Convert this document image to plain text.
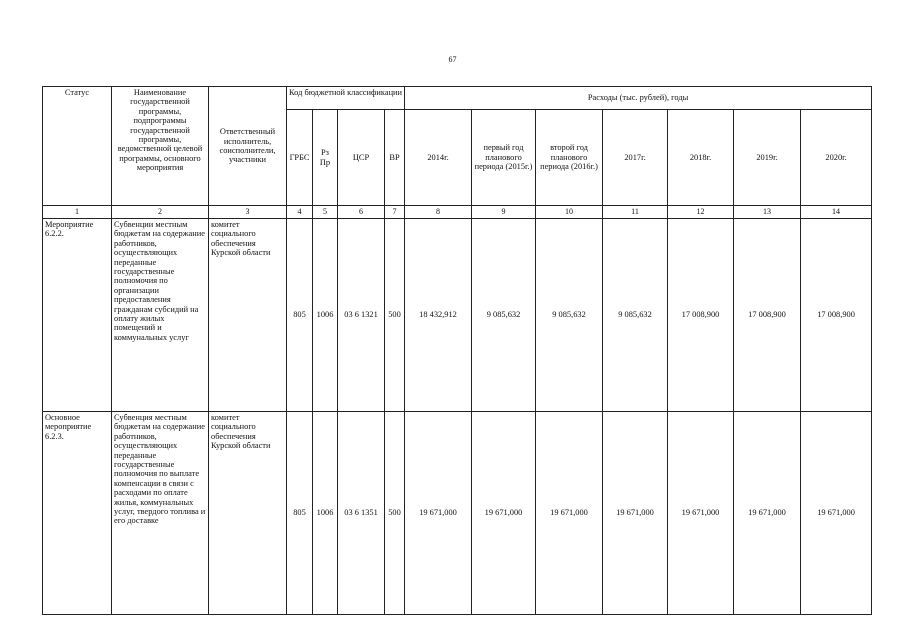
67
Статус	Наименование государственной программы, подпрограммы государственной программы, ведомственной целевой программы, основного мероприятия	Ответственный исполнитель, соисполнители, участники	Код бюджетной классификации				Расходы (тыс. рублей), годы						
			ГРБС	Рз Пр	ЦСР	ВР	2014г.	первый год планового периода (2015г.)	второй год планового периода (2016г.)	2017г.	2018г.	2019г.	2020г.
1	2	3	4	5	6	7	8	9	10	11	12	13	14
Мероприятие 6.2.2.	Субвенции местным бюджетам на содержание работников, осуществляющих переданные государственные полномочия по организации предоставления гражданам субсидий на оплату жилых помещений и коммунальных услуг	комитет социального обеспечения Курской области	805	1006	03 6 1321	500	18 432,912	9 085,632	9 085,632	9 085,632	17 008,900	17 008,900	17 008,900
Основное мероприятие 6.2.3.	Субвенция местным бюджетам на содержание работников, осуществляющих переданные государственные полномочия по выплате компенсации в связи с расходами по оплате жилья, коммунальных услуг, твердого топлива и его доставке	комитет социального обеспечения Курской области	805	1006	03 6 1351	500	19 671,000	19 671,000	19 671,000	19 671,000	19 671,000	19 671,000	19 671,000
